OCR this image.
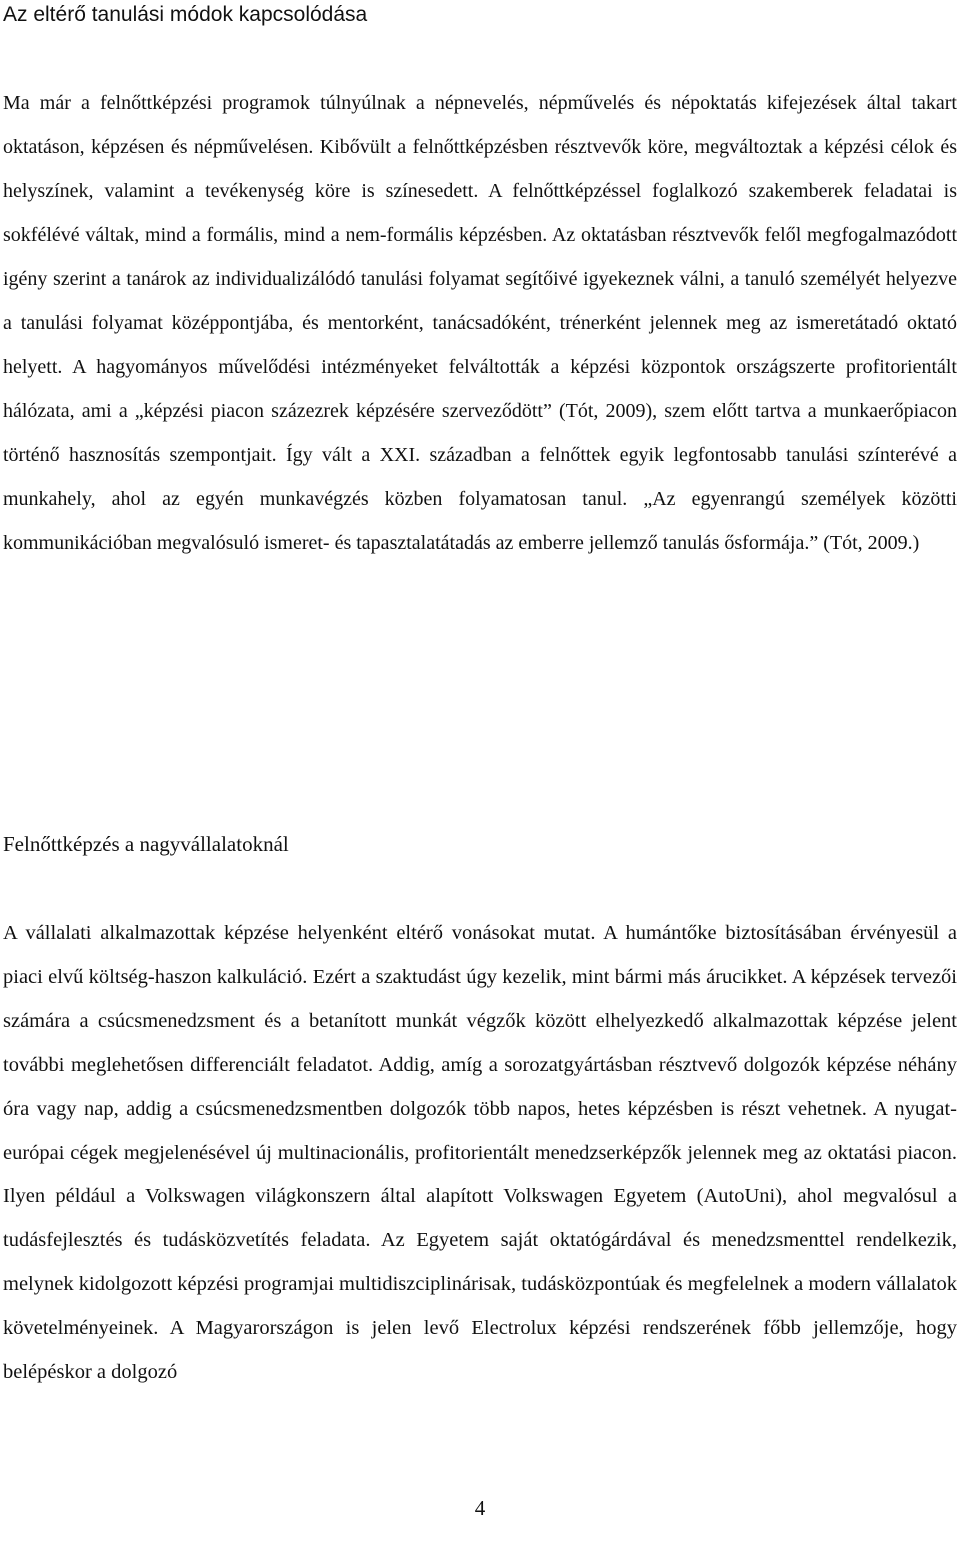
Az eltérő tanulási módok kapcsolódása

Ma már a felnőttképzési programok túlnyúlnak a népnevelés, népművelés és népoktatás kifejezések által takart oktatáson, képzésen és népművelésen. Kibővült a felnőttképzésben résztvevők köre, megváltoztak a képzési célok és helyszínek, valamint a tevékenység köre is színesedett. A felnőttképzéssel foglalkozó szakemberek feladatai is sokfélévé váltak, mind a formális, mind a nem-formális képzésben. Az oktatásban résztvevők felől megfogalmazódott igény szerint a tanárok az individualizálódó tanulási folyamat segítőivé igyekeznek válni, a tanuló személyét helyezve a tanulási folyamat középpontjába, és mentorként, tanácsadóként, trénerként jelennek meg az ismeretátadó oktató helyett. A hagyományos művelődési intézményeket felváltották a képzési központok országszerte profitorientált hálózata, ami a „képzési piacon százezrek képzésére szerveződött” (Tót, 2009), szem előtt tartva a munkaerőpiacon történő hasznosítás szempontjait. Így vált a XXI. században a felnőttek egyik legfontosabb tanulási színterévé a munkahely, ahol az egyén munkavégzés közben folyamatosan tanul. „Az egyenrangú személyek közötti kommunikációban megvalósuló ismeret- és tapasztalatátadás az emberre jellemző tanulás ősformája.” (Tót, 2009.)

Felnőttképzés a nagyvállalatoknál

A vállalati alkalmazottak képzése helyenként eltérő vonásokat mutat. A humántőke biztosításában érvényesül a piaci elvű költség-haszon kalkuláció. Ezért a szaktudást úgy kezelik, mint bármi más árucikket. A képzések tervezői számára a csúcsmenedzsment és a betanított munkát végzők között elhelyezkedő alkalmazottak képzése jelent további meglehetősen differenciált feladatot. Addig, amíg a sorozatgyártásban résztvevő dolgozók képzése néhány óra vagy nap, addig a csúcsmenedzsmentben dolgozók több napos, hetes képzésben is részt vehetnek. A nyugat-európai cégek megjelenésével új multinacionális, profitorientált menedzserképzők jelennek meg az oktatási piacon. Ilyen például a Volkswagen világkonszern által alapított Volkswagen Egyetem (AutoUni), ahol megvalósul a tudásfejlesztés és tudásközvetítés feladata. Az Egyetem saját oktatógárdával és menedzsmenttel rendelkezik, melynek kidolgozott képzési programjai multidiszciplinárisak, tudásközpontúak és megfelelnek a modern vállalatok követelményeinek. A Magyarországon is jelen levő Electrolux képzési rendszerének főbb jellemzője, hogy belépéskor a dolgozó

4
